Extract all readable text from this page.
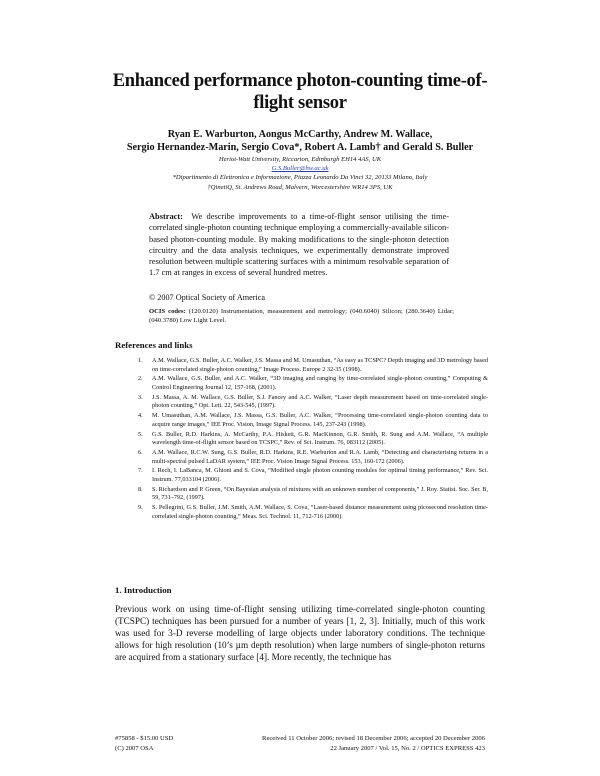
Enhanced performance photon-counting time-of-
flight sensor
Ryan E. Warburton, Aongus McCarthy, Andrew M. Wallace,
Sergio Hernandez-Marin, Sergio Cova*, Robert A. Lamb† and Gerald S. Buller
Heriot-Watt University, Riccarton, Edinburgh EH14 4AS, UK
G.S.Buller@hw.ac.uk
*Dipartimento di Elettronica e Informazione, Piazza Leonardo Da Vinci 32, 20133 Milano, Italy
†QinetiQ, St. Andrews Road, Malvern, Worcestershire WR14 3PS, UK
Abstract: We describe improvements to a time-of-flight sensor utilising the time-correlated single-photon counting technique employing a commercially-available silicon-based photon-counting module. By making modifications to the single-photon detection circuitry and the data analysis techniques, we experimentally demonstrate improved resolution between multiple scattering surfaces with a minimum resolvable separation of 1.7 cm at ranges in excess of several hundred metres.
© 2007 Optical Society of America
OCIS codes: (120.0120) Instrumentation, measurement and metrology; (040.6040) Silicon; (280.3640) Lidar; (040.3780) Low Light Level.
References and links
1. A.M. Wallace, G.S. Buller, A.C. Walker, J.S. Massa and M. Umasuthan, “As easy as TCSPC? Depth imaging and 3D metrology based on time-correlated single-photon counting,” Image Process. Europe 2 32-35 (1998).
2. A.M. Wallace, G.S. Buller, and A.C. Walker, “3D imaging and ranging by time-correlated single-photon counting,” Computing & Control Engineering Journal 12, 157-168, (2001).
3. J.S. Massa, A. M. Wallace, G.S. Buller, S.J. Fancey and A.C. Walker, “Laser depth measurement based on time-correlated single-photon counting,” Opt. Lett. 22, 543-545, (1997).
4. M. Umasuthan, A.M. Wallace, J.S. Massa, G.S. Buller, A.C. Walker, “Processing time-correlated single-photon counting data to acquire range images,” IEE Proc. Vision, Image Signal Process. 145, 237-243 (1998).
5. G.S. Buller, R.D. Harkins, A. McCarthy, P.A. Hiskett, G.R. MacKinnon, G.R. Smith, R. Sung and A.M. Wallace, “A multiple wavelength time-of-flight sensor based on TCSPC,” Rev. of Sci. Instrum. 76, 083112 (2005).
6. A.M. Wallace, R.C.W. Sung, G.S. Buller, R.D. Harkins, R.E. Warburton and R.A. Lamb, “Detecting and characterising returns in a multi-spectral pulsed LaDAR system,” IEE Proc. Vision Image Signal Process. 153, 160-172 (2006).
7. I. Rech, I. LaBanca, M. Ghioni and S. Cova, “Modified single photon counting modules for optimal timing performance,” Rev. Sci. Instrum. 77,033104 (2006).
8. S. Richardson and P. Green, “On Bayesian analysis of mixtures with an unknown number of components,” J. Roy. Statist. Soc. Ser. B, 59, 731–792, (1997).
9. S. Pellegrini, G.S. Buller, J.M. Smith, A.M. Wallace, S. Cova, “Laser-based distance measurement using picosecond resolution time-correlated single-photon counting,” Meas. Sci. Technol. 11, 712-716 (2000).
1. Introduction
Previous work on using time-of-flight sensing utilizing time-correlated single-photon counting (TCSPC) techniques has been pursued for a number of years [1, 2, 3]. Initially, much of this work was used for 3-D reverse modelling of large objects under laboratory conditions. The technique allows for high resolution (10’s µm depth resolution) when large numbers of single-photon returns are acquired from a stationary surface [4]. More recently, the technique has
#75858 - $15.00 USD
(C) 2007 OSA
Received 11 October 2006; revised 18 December 2006; accepted 20 December 2006
22 January 2007 / Vol. 15, No. 2 / OPTICS EXPRESS 423
